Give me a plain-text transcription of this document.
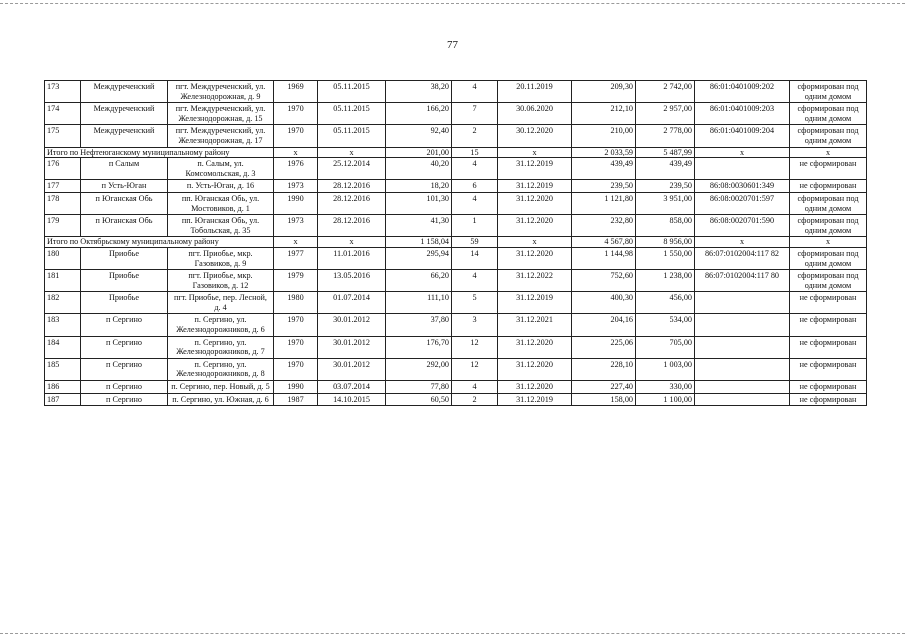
77
173	Междуреченский	пгт. Междуреченский, ул. Железнодорожная, д. 9	1969	05.11.2015	38,20	4	20.11.2019	209,30	2 742,00	86:01:0401009:202	сформирован под одним домом
174	Междуреченский	пгт. Междуреченский, ул. Железнодорожная, д. 15	1970	05.11.2015	166,20	7	30.06.2020	212,10	2 957,00	86:01:0401009:203	сформирован под одним домом
175	Междуреченский	пгт. Междуреченский, ул. Железнодорожная, д. 17	1970	05.11.2015	92,40	2	30.12.2020	210,00	2 778,00	86:01:0401009:204	сформирован под одним домом
Итого по Нефтеюганскому муниципальному району			х	х	201,00	15	х	2 033,59	5 487,99	х	х
176	п Салым	п. Салым, ул. Комсомольская, д. 3	1976	25.12.2014	40,20	4	31.12.2019	439,49	439,49		не сформирован
177	п Усть-Юган	п. Усть-Юган, д. 16	1973	28.12.2016	18,20	6	31.12.2019	239,50	239,50	86:08:0030601:349	не сформирован
178	п Юганская Обь	пп. Юганская Обь, ул. Мостовиков, д. 1	1990	28.12.2016	101,30	4	31.12.2020	1 121,80	3 951,00	86:08:0020701:597	сформирован под одним домом
179	п Юганская Обь	пп. Юганская Обь, ул. Тобольская, д. 35	1973	28.12.2016	41,30	1	31.12.2020	232,80	858,00	86:08:0020701:590	сформирован под одним домом
Итого по Октябрьскому муниципальному району			х	х	1 158,04	59	х	4 567,80	8 956,00	х	х
180	Приобье	пгт. Приобье, мкр. Газовиков, д. 9	1977	11.01.2016	295,94	14	31.12.2020	1 144,98	1 550,00	86:07:0102004:117 82	сформирован под одним домом
181	Приобье	пгт. Приобье, мкр. Газовиков, д. 12	1979	13.05.2016	66,20	4	31.12.2022	752,60	1 238,00	86:07:0102004:117 80	сформирован под одним домом
182	Приобье	пгт. Приобье, пер. Лесной, д. 4	1980	01.07.2014	111,10	5	31.12.2019	400,30	456,00		не сформирован
183	п Сергино	п. Сергино, ул. Железнодорожников, д. 6	1970	30.01.2012	37,80	3	31.12.2021	204,16	534,00		не сформирован
184	п Сергино	п. Сергино, ул. Железнодорожников, д. 7	1970	30.01.2012	176,70	12	31.12.2020	225,06	705,00		не сформирован
185	п Сергино	п. Сергино, ул. Железнодорожников, д. 8	1970	30.01.2012	292,00	12	31.12.2020	228,10	1 003,00		не сформирован
186	п Сергино	п. Сергино, пер. Новый, д. 5	1990	03.07.2014	77,80	4	31.12.2020	227,40	330,00		не сформирован
187	п Сергино	п. Сергино, ул. Южная, д. 6	1987	14.10.2015	60,50	2	31.12.2019	158,00	1 100,00		не сформирован
